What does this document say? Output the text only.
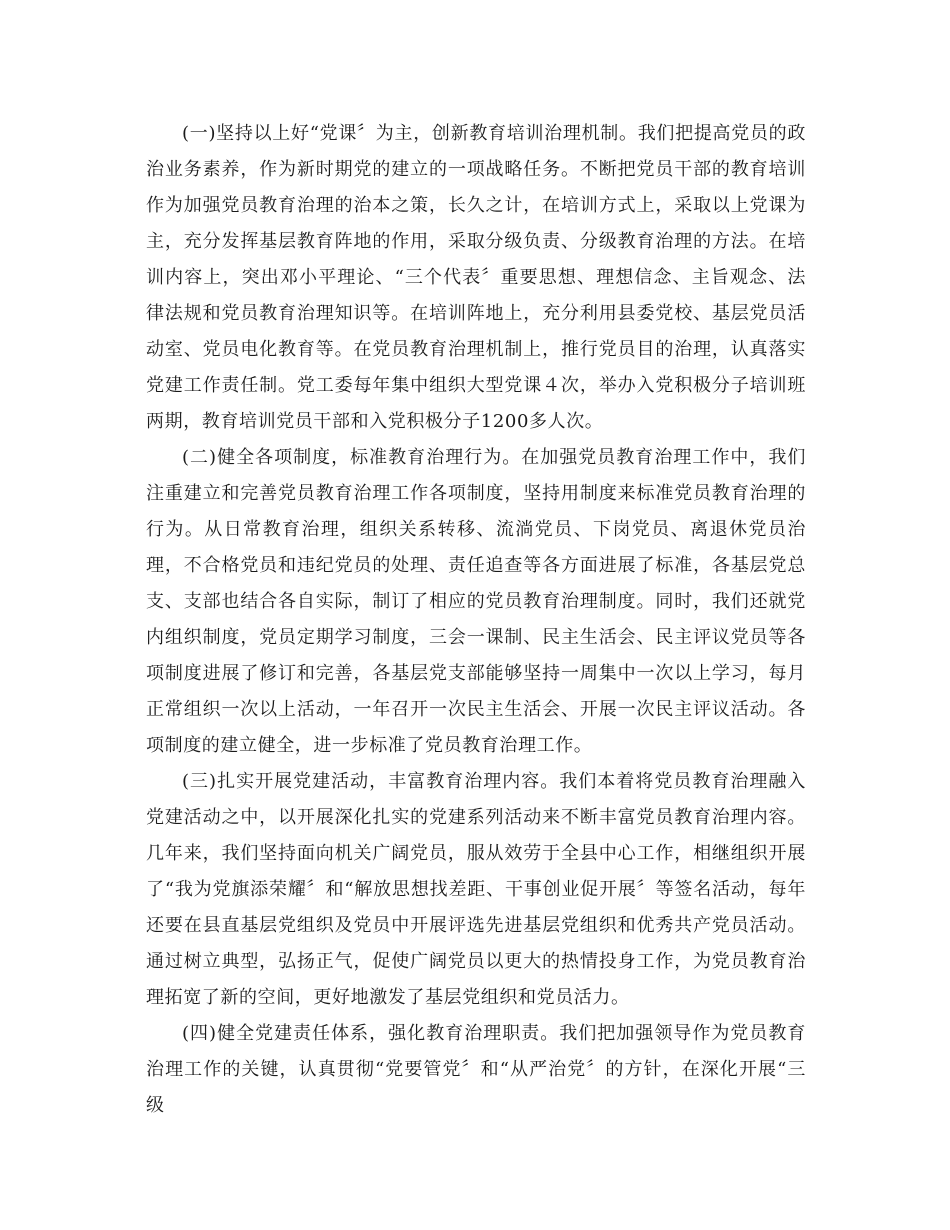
(一)坚持以上好“党课〞为主，创新教育培训治理机制。我们把提高党员的政治业务素养，作为新时期党的建立的一项战略任务。不断把党员干部的教育培训作为加强党员教育治理的治本之策，长久之计，在培训方式上，采取以上党课为主，充分发挥基层教育阵地的作用，采取分级负责、分级教育治理的方法。在培训内容上，突出邓小平理论、“三个代表〞重要思想、理想信念、主旨观念、法律法规和党员教育治理知识等。在培训阵地上，充分利用县委党校、基层党员活动室、党员电化教育等。在党员教育治理机制上，推行党员目的治理，认真落实党建工作责任制。党工委每年集中组织大型党课４次，举办入党积极分子培训班两期，教育培训党员干部和入党积极分子1200多人次。

(二)健全各项制度，标准教育治理行为。在加强党员教育治理工作中，我们注重建立和完善党员教育治理工作各项制度，坚持用制度来标准党员教育治理的行为。从日常教育治理，组织关系转移、流淌党员、下岗党员、离退休党员治理，不合格党员和违纪党员的处理、责任追查等各方面进展了标准，各基层党总支、支部也结合各自实际，制订了相应的党员教育治理制度。同时，我们还就党内组织制度，党员定期学习制度，三会一课制、民主生活会、民主评议党员等各项制度进展了修订和完善，各基层党支部能够坚持一周集中一次以上学习，每月正常组织一次以上活动，一年召开一次民主生活会、开展一次民主评议活动。各项制度的建立健全，进一步标准了党员教育治理工作。

(三)扎实开展党建活动，丰富教育治理内容。我们本着将党员教育治理融入党建活动之中，以开展深化扎实的党建系列活动来不断丰富党员教育治理内容。几年来，我们坚持面向机关广阔党员，服从效劳于全县中心工作，相继组织开展了“我为党旗添荣耀〞和“解放思想找差距、干事创业促开展〞等签名活动，每年还要在县直基层党组织及党员中开展评选先进基层党组织和优秀共产党员活动。通过树立典型，弘扬正气，促使广阔党员以更大的热情投身工作，为党员教育治理拓宽了新的空间，更好地激发了基层党组织和党员活力。

(四)健全党建责任体系，强化教育治理职责。我们把加强领导作为党员教育治理工作的关键，认真贯彻“党要管党〞和“从严治党〞的方针，在深化开展“三级
